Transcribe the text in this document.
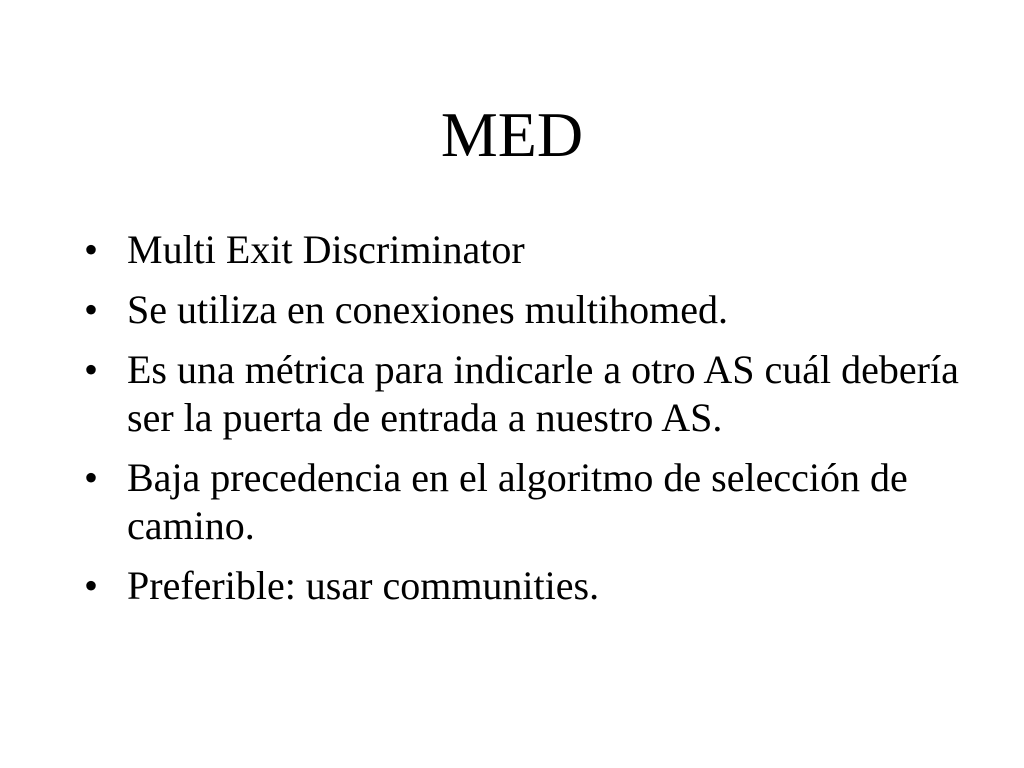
MED
• Multi Exit Discriminator
• Se utiliza en conexiones multihomed.
• Es una métrica para indicarle a otro AS cuál debería ser la puerta de entrada a nuestro AS.
• Baja precedencia en el algoritmo de selección de camino.
• Preferible: usar communities.
